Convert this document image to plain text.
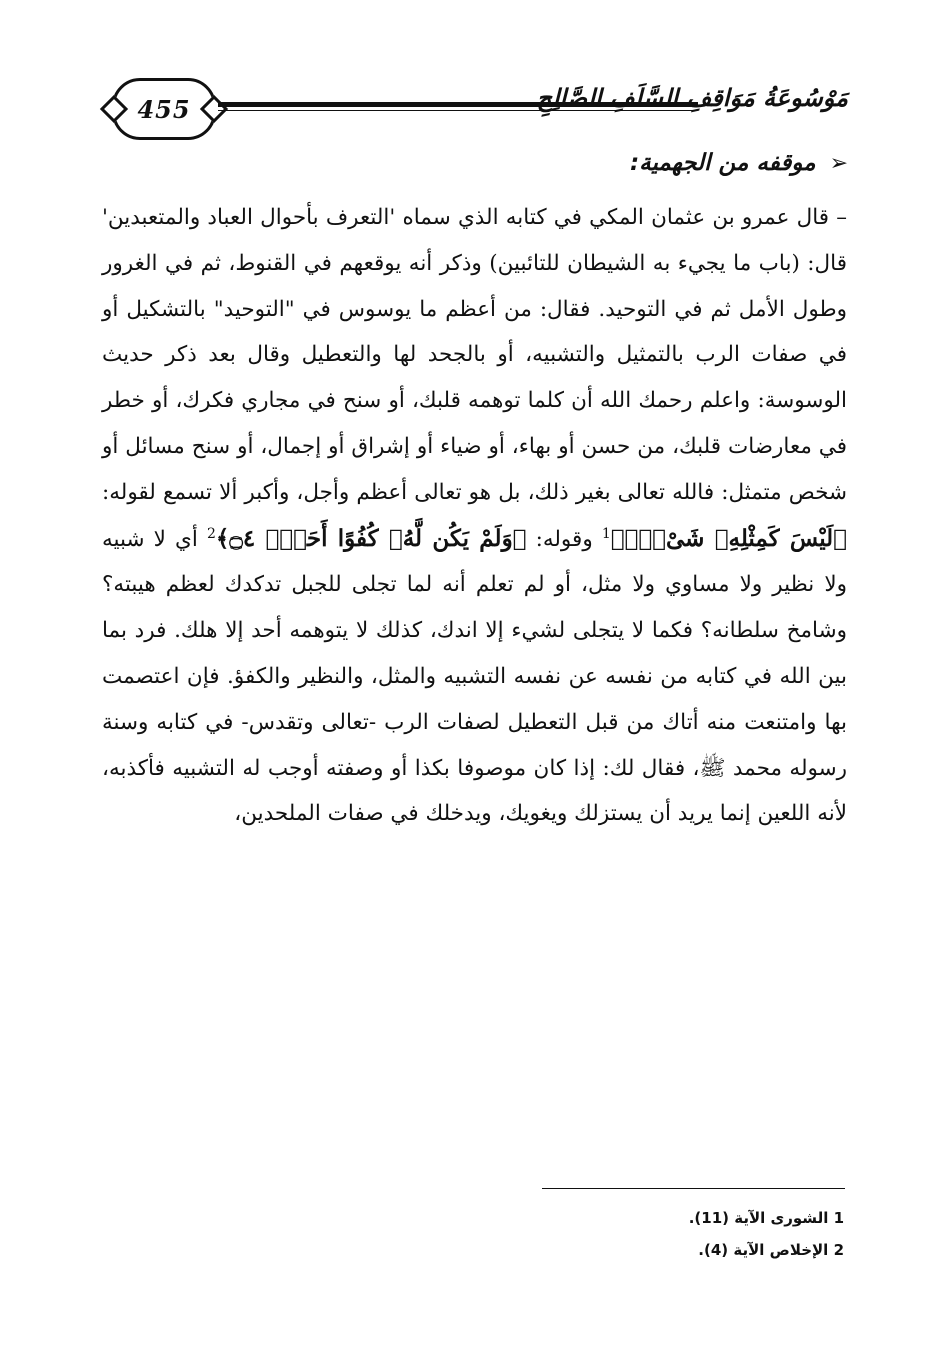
455	مَوْسُوعَةُ مَوَاقِفِ السَّلَفِ الصَّالِحِ
➢
موقفه من الجهمية:

– قال عمرو بن عثمان المكي في كتابه الذي سماه 'التعرف بأحوال العباد والمتعبدين' قال: (باب ما يجيء به الشيطان للتائبين) وذكر أنه يوقعهم في القنوط، ثم في الغرور وطول الأمل ثم في التوحيد. فقال: من أعظم ما يوسوس في "التوحيد" بالتشكيل أو في صفات الرب بالتمثيل والتشبيه، أو بالجحد لها والتعطيل وقال بعد ذكر حديث الوسوسة: واعلم رحمك الله أن كلما توهمه قلبك، أو سنح في مجاري فكرك، أو خطر في معارضات قلبك، من حسن أو بهاء، أو ضياء أو إشراق أو إجمال، أو سنح مسائل أو شخص متمثل: فالله تعالى بغير ذلك، بل هو تعالى أعظم وأجل، وأكبر ألا تسمع لقوله: ﴿لَيْسَ كَمِثْلِهِۦ شَىْءٌۭ﴾$^1$ وقوله: ﴿وَلَمْ يَكُن لَّهُۥ كُفُوًا أَحَدٌۢ ۝٤﴾$^2$ أي لا شبيه ولا نظير ولا مساوي ولا مثل، أو لم تعلم أنه لما تجلى للجبل تدكدك لعظم هيبته؟ وشامخ سلطانه؟ فكما لا يتجلى لشيء إلا اندك، كذلك لا يتوهمه أحد إلا هلك. فرد بما بين الله في كتابه من نفسه عن نفسه التشبيه والمثل، والنظير والكفؤ. فإن اعتصمت بها وامتنعت منه أتاك من قبل التعطيل لصفات الرب -تعالى وتقدس- في كتابه وسنة رسوله محمد ﷺ، فقال لك: إذا كان موصوفا بكذا أو وصفته أوجب له التشبيه فأكذبه، لأنه اللعين إنما يريد أن يستزلك ويغويك، ويدخلك في صفات الملحدين،

1 الشورى الآية (11).
2 الإخلاص الآية (4).
